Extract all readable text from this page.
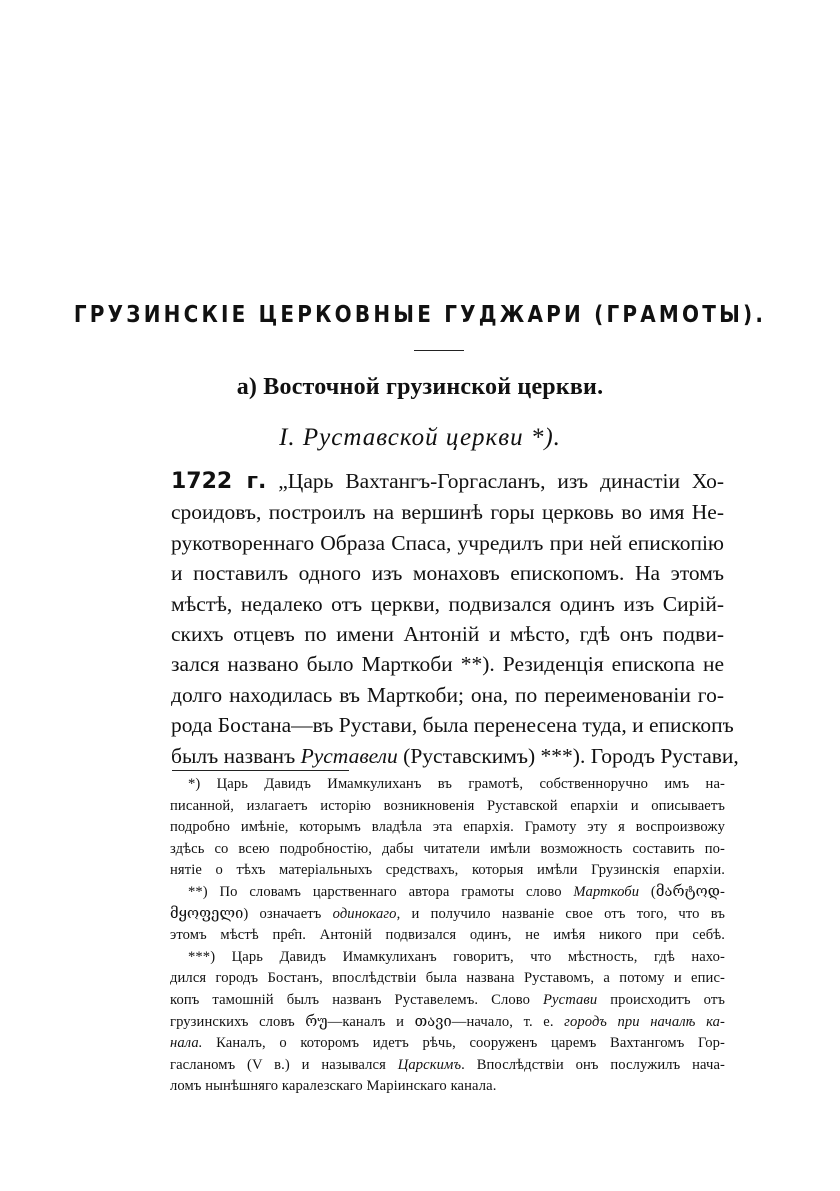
ГРУЗИНСКІЕ ЦЕРКОВНЫЕ ГУДЖАРИ (ГРАМОТЫ).
а) Восточной грузинской церкви.
I. Руставской церкви *).
1722 г. „Царь Вахтангъ-Горгасланъ, изъ династіи Хо-
сроидовъ, построилъ на вершинѣ горы церковь во имя Не-
рукотвореннаго Образа Спаса, учредилъ при ней епископію
и поставилъ одного изъ монаховъ епископомъ. На этомъ
мѣстѣ, недалеко отъ церкви, подвизался одинъ изъ Сирій-
скихъ отцевъ по имени Антоній и мѣсто, гдѣ онъ подви-
зался названо было Марткоби **). Резиденція епископа не
долго находилась въ Марткоби; она, по переименованіи го-
рода Бостана—въ Рустави, была перенесена туда, и епископъ
былъ названъ Руставели (Руставскимъ) ***). Городъ Рустави,
*) Царь Давидъ Имамкулиханъ въ грамотѣ, собственноручно имъ на-
писанной, излагаетъ исторію возникновенія Руставской епархіи и описываетъ
подробно имѣніе, которымъ владѣла эта епархія. Грамоту эту я воспроизвожу
здѣсь со всею подробностію, дабы читатели имѣли возможность составить по-
нятіе о тѣхъ матеріальныхъ средствахъ, которыя имѣли Грузинскія епархіи.
**) По словамъ царственнаго автора грамоты слово Марткоби (მარტოდ-
მყოფელი) означаетъ одинокаго, и получило названіе свое отъ того, что въ
этомъ мѣстѣ пре̂п. Антоній подвизался одинъ, не имѣя никого при себѣ.
***) Царь Давидъ Имамкулиханъ говоритъ, что мѣстность, гдѣ нахо-
дился городъ Бостанъ, впослѣдствіи была названа Руставомъ, а потому и епис-
копъ тамошній былъ названъ Руставелемъ. Слово Рустави происходитъ отъ
грузинскихъ словъ რუ—каналъ и თავი—начало, т. е. городъ при началѣ ка-
нала. Каналъ, о которомъ идетъ рѣчь, сооруженъ царемъ Вахтангомъ Гор-
гасланомъ (V в.) и назывался Царскимъ. Впослѣдствіи онъ послужилъ нача-
ломъ нынѣшняго каралезскаго Маріинскаго канала.
